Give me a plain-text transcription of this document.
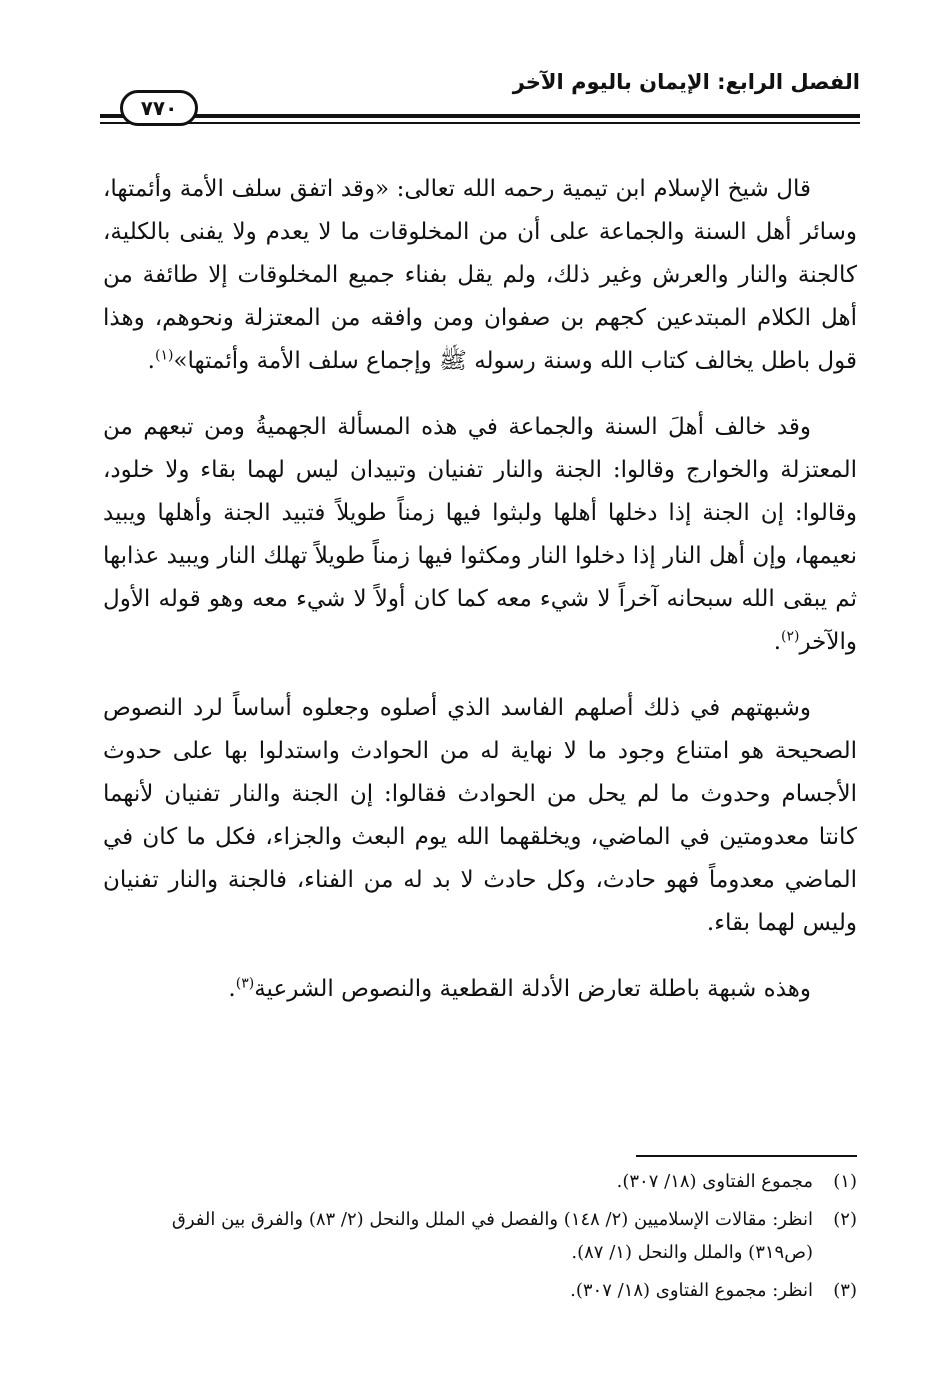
الفصل الرابع: الإيمان باليوم الآخر
٧٧٠

قال شيخ الإسلام ابن تيمية رحمه الله تعالى: «وقد اتفق سلف الأمة وأئمتها، وسائر أهل السنة والجماعة على أن من المخلوقات ما لا يعدم ولا يفنى بالكلية، كالجنة والنار والعرش وغير ذلك، ولم يقل بفناء جميع المخلوقات إلا طائفة من أهل الكلام المبتدعين كجهم بن صفوان ومن وافقه من المعتزلة ونحوهم، وهذا قول باطل يخالف كتاب الله وسنة رسوله ﷺ وإجماع سلف الأمة وأئمتها»$^{(١)}$.

وقد خالف أهلَ السنة والجماعة في هذه المسألة الجهميةُ ومن تبعهم من المعتزلة والخوارج وقالوا: الجنة والنار تفنيان وتبيدان ليس لهما بقاء ولا خلود، وقالوا: إن الجنة إذا دخلها أهلها ولبثوا فيها زمناً طويلاً فتبيد الجنة وأهلها ويبيد نعيمها، وإن أهل النار إذا دخلوا النار ومكثوا فيها زمناً طويلاً تهلك النار ويبيد عذابها ثم يبقى الله سبحانه آخراً لا شيء معه كما كان أولاً لا شيء معه وهو قوله الأول والآخر$^{(٢)}$.

وشبهتهم في ذلك أصلهم الفاسد الذي أصلوه وجعلوه أساساً لرد النصوص الصحيحة هو امتناع وجود ما لا نهاية له من الحوادث واستدلوا بها على حدوث الأجسام وحدوث ما لم يحل من الحوادث فقالوا: إن الجنة والنار تفنيان لأنهما كانتا معدومتين في الماضي، ويخلقهما الله يوم البعث والجزاء، فكل ما كان في الماضي معدوماً فهو حادث، وكل حادث لا بد له من الفناء، فالجنة والنار تفنيان وليس لهما بقاء.

وهذه شبهة باطلة تعارض الأدلة القطعية والنصوص الشرعية$^{(٣)}$.

(١)
مجموع الفتاوى (١٨/ ٣٠٧).
(٢)
انظر: مقالات الإسلاميين (٢/ ١٤٨) والفصل في الملل والنحل (٢/ ٨٣) والفرق بين الفرق (ص٣١٩) والملل والنحل (١/ ٨٧).
(٣)
انظر: مجموع الفتاوى (١٨/ ٣٠٧).
